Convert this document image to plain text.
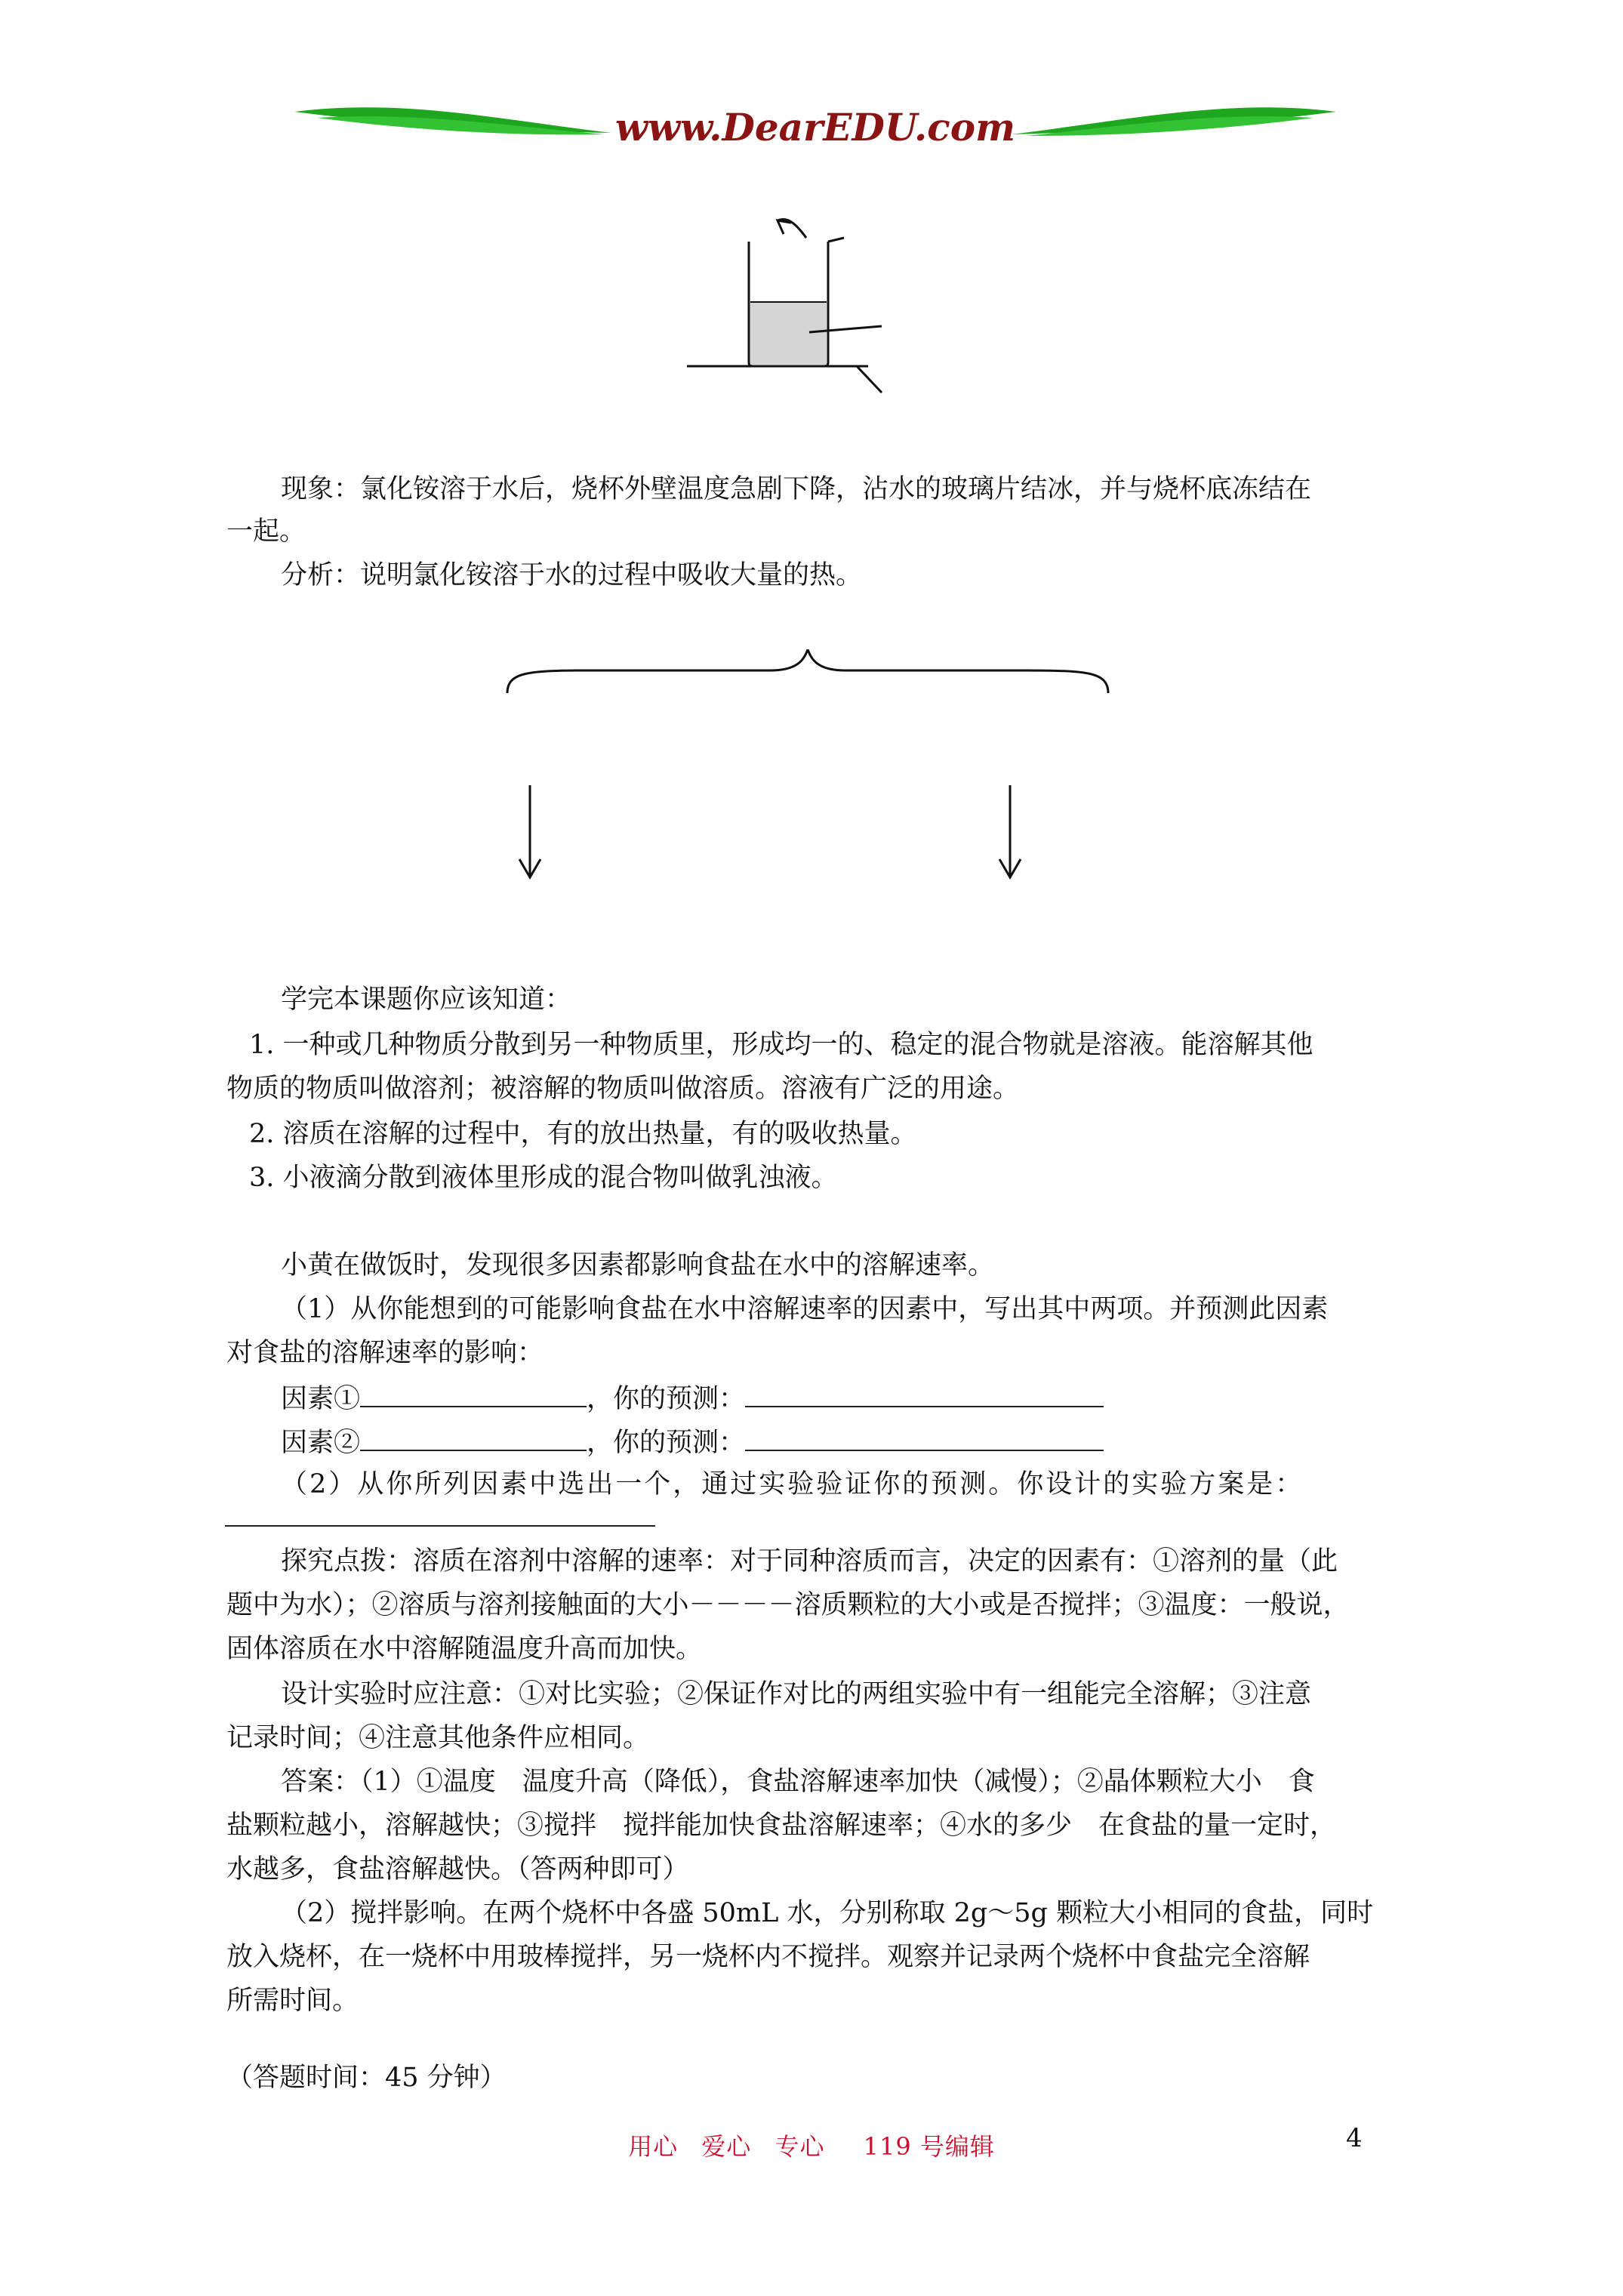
www.DearEDU.com
现象：氯化铵溶于水后，烧杯外壁温度急剧下降，沾水的玻璃片结冰，并与烧杯底冻结在
一起。
分析：说明氯化铵溶于水的过程中吸收大量的热。
学完本课题你应该知道：
1. 一种或几种物质分散到另一种物质里，形成均一的、稳定的混合物就是溶液。能溶解其他
物质的物质叫做溶剂；被溶解的物质叫做溶质。溶液有广泛的用途。
2. 溶质在溶解的过程中，有的放出热量，有的吸收热量。
3. 小液滴分散到液体里形成的混合物叫做乳浊液。
小黄在做饭时，发现很多因素都影响食盐在水中的溶解速率。
（1）从你能想到的可能影响食盐在水中溶解速率的因素中，写出其中两项。并预测此因素
对食盐的溶解速率的影响：
因素①	，你的预测：
因素②	，你的预测：
（2）从你所列因素中选出一个，通过实验验证你的预测。你设计的实验方案是：
探究点拨：溶质在溶剂中溶解的速率：对于同种溶质而言，决定的因素有：①溶剂的量（此
题中为水）；②溶质与溶剂接触面的大小－－－－溶质颗粒的大小或是否搅拌；③温度：一般说，
固体溶质在水中溶解随温度升高而加快。
设计实验时应注意：①对比实验；②保证作对比的两组实验中有一组能完全溶解；③注意
记录时间；④注意其他条件应相同。
答案：（1）①温度　温度升高（降低），食盐溶解速率加快（减慢）；②晶体颗粒大小　食
盐颗粒越小，溶解越快；③搅拌　搅拌能加快食盐溶解速率；④水的多少　在食盐的量一定时，
水越多，食盐溶解越快。（答两种即可）
（2）搅拌影响。在两个烧杯中各盛 50mL 水，分别称取 2g～5g 颗粒大小相同的食盐，同时
放入烧杯，在一烧杯中用玻棒搅拌，另一烧杯内不搅拌。观察并记录两个烧杯中食盐完全溶解
所需时间。
（答题时间：45 分钟）
用心 爱心 专心 119 号编辑	4
